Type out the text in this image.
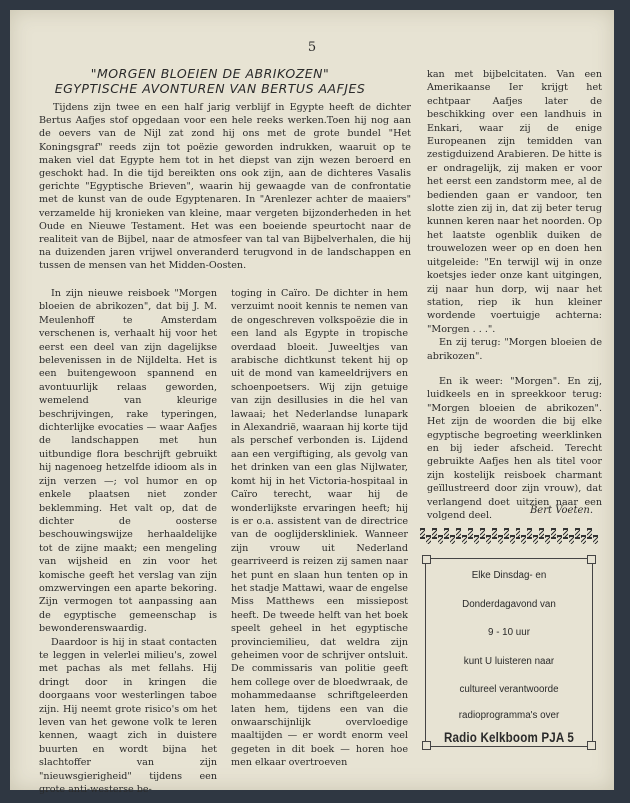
5
"MORGEN BLOEIEN DE ABRIKOZEN"
EGYPTISCHE AVONTUREN VAN BERTUS AAFJES
Tijdens zijn twee en een half jarig verblijf in Egypte heeft de dichter Bertus Aafjes stof opgedaan voor een hele reeks werken.Toen hij nog aan de oevers van de Nijl zat zond hij ons met de grote bundel "Het Koningsgraf" reeds zijn tot poëzie geworden indrukken, waaruit op te maken viel dat Egypte hem tot in het diepst van zijn wezen beroerd en geschokt had. In die tijd bereikten ons ook zijn, aan de dichteres Vasalis gerichte "Egyptische Brieven", waarin hij gewaagde van de confrontatie met de kunst van de oude Egyptenaren. In "Arenlezer achter de maaiers" verzamelde hij kronieken van kleine, maar vergeten bijzonderheden in het Oude en Nieuwe Testament. Het was een boeiende speurtocht naar de realiteit van de Bijbel, naar de atmosfeer van tal van Bijbelverhalen, die hij na duizenden jaren vrijwel onveranderd terugvond in de landschappen en tussen de mensen van het Midden-Oosten.

In zijn nieuwe reisboek "Morgen bloeien de abrikozen", dat bij J. M. Meulenhoff te Amsterdam verschenen is, verhaalt hij voor het eerst een deel van zijn dagelijkse belevenissen in de Nijldelta. Het is een buitengewoon spannend en avontuurlijk relaas geworden, wemelend van kleurige beschrijvingen, rake typeringen, dichterlijke evocaties — waar Aafjes de landschappen met hun uitbundige flora beschrijft gebruikt hij nagenoeg hetzelfde idioom als in zijn verzen —; vol humor en op enkele plaatsen niet zonder beklemming. Het valt op, dat de dichter de oosterse beschouwingswijze herhaaldelijke tot de zijne maakt; een mengeling van wijsheid en zin voor het komische geeft het verslag van zijn omzwervingen een aparte bekoring. Zijn vermogen tot aanpassing aan de egyptische gemeenschap is bewonderenswaardig.

Daardoor is hij in staat contacten te leggen in velerlei milieu's, zowel met pachas als met fellahs. Hij dringt door in kringen die doorgaans voor westerlingen taboe zijn. Hij neemt grote risico's om het leven van het gewone volk te leren kennen, waagt zich in duistere buurten en wordt bijna het slachtoffer van zijn "nieuwsgierigheid" tijdens een grote anti-westerse be-

toging in Caïro. De dichter in hem verzuimt nooit kennis te nemen van de ongeschreven volkspoëzie die in een land als Egypte in tropische overdaad bloeit. Juweeltjes van arabische dichtkunst tekent hij op uit de mond van kameeldrijvers en schoenpoetsers. Wij zijn getuige van zijn desillusies in die hel van lawaai; het Nederlandse lunapark in Alexandrië, waaraan hij korte tijd als perschef verbonden is. Lijdend aan een vergiftiging, als gevolg van het drinken van een glas Nijlwater, komt hij in het Victoria-hospitaal in Caïro terecht, waar hij de wonderlijkste ervaringen heeft; hij is er o.a. assistent van de directrice van de ooglijderskliniek. Wanneer zijn vrouw uit Nederland gearriveerd is reizen zij samen naar het punt en slaan hun tenten op in het stadje Mattawi, waar de engelse Miss Matthews een missiepost heeft. De tweede helft van het boek speelt geheel in het egyptische provinciemilieu, dat weldra zijn geheimen voor de schrijver ontsluit. De commissaris van politie geeft hem college over de bloedwraak, de mohammedaanse schriftgeleerden laten hem, tijdens een van die onwaarschijnlijk overvloedige maaltijden — er wordt enorm veel gegeten in dit boek — horen hoe men elkaar overtroeven

kan met bijbelcitaten. Van een Amerikaanse Ier krijgt het echtpaar Aafjes later de beschikking over een landhuis in Enkari, waar zij de enige Europeanen zijn temidden van zestigduizend Arabieren. De hitte is er ondragelijk, zij maken er voor het eerst een zandstorm mee, al de bedienden gaan er vandoor, ten slotte zien zij in, dat zij beter terug kunnen keren naar het noorden. Op het laatste ogenblik duiken de trouwelozen weer op en doen hen uitgeleide: "En terwijl wij in onze koetsjes ieder onze kant uitgingen, zij naar hun dorp, wij naar het station, riep ik hun kleiner wordende voertuigje achterna: "Morgen . . .".

En zij terug: "Morgen bloeien de abrikozen".

En ik weer: "Morgen". En zij, luidkeels en in spreekkoor terug: "Morgen bloeien de abrikozen". Het zijn de woorden die bij elke egyptische begroeting weerklinken en bij ieder afscheid. Terecht gebruikte Aafjes hen als titel voor zijn kostelijk reisboek charmant geïllustreerd door zijn vrouw), dat verlangend doet uitzien naar een volgend deel.	Bert Voeten.
Elke Dinsdag- en
Donderdagavond van
9 - 10 uur
kunt U luisteren naar
cultureel verantwoorde
radioprogramma's over
Radio Kelkboom PJA 5
